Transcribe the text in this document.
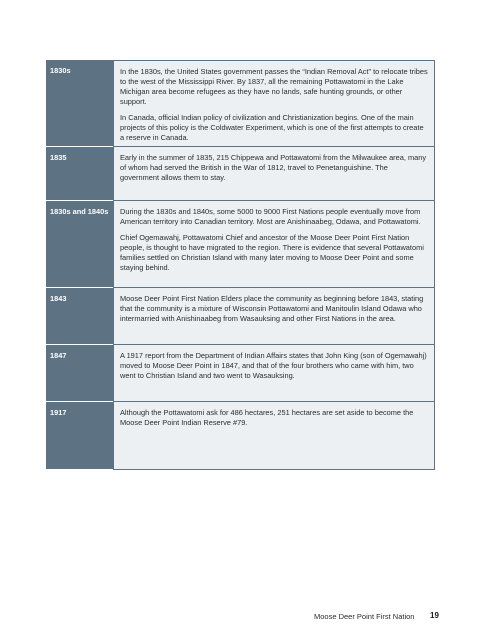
1830s	In the 1830s, the United States government passes the “Indian Removal Act” to relocate tribes to the west of the Mississippi River. By 1837, all the remaining Pottawatomi in the Lake Michigan area become refugees as they have no lands, safe hunting grounds, or other support.

In Canada, official Indian policy of civilization and Christianization begins. One of the main projects of this policy is the Coldwater Experiment, which is one of the first attempts to create a reserve in Canada.

1835	Early in the summer of 1835, 215 Chippewa and Pottawatomi from the Milwaukee area, many of whom had served the British in the War of 1812, travel to Penetanguishine. The government allows them to stay.

1830s and 1840s	During the 1830s and 1840s, some 5000 to 9000 First Nations people eventually move from American territory into Canadian territory. Most are Anishinaabeg, Odawa, and Pottawatomi.

Chief Ogemawahj, Pottawatomi Chief and ancestor of the Moose Deer Point First Nation people, is thought to have migrated to the region. There is evidence that several Pottawatomi families settled on Christian Island with many later moving to Moose Deer Point and some staying behind.

1843	Moose Deer Point First Nation Elders place the community as beginning before 1843, stating that the community is a mixture of Wisconsin Pottawatomi and Manitoulin Island Odawa who intermarried with Anishinaabeg from Wasauksing and other First Nations in the area.

1847	A 1917 report from the Department of Indian Affairs states that John King (son of Ogemawahj) moved to Moose Deer Point in 1847, and that of the four brothers who came with him, two went to Christian Island and two went to Wasauksing.

1917	Although the Pottawatomi ask for 486 hectares, 251 hectares are set aside to become the Moose Deer Point Indian Reserve #79.

Moose Deer Point First Nation 19
